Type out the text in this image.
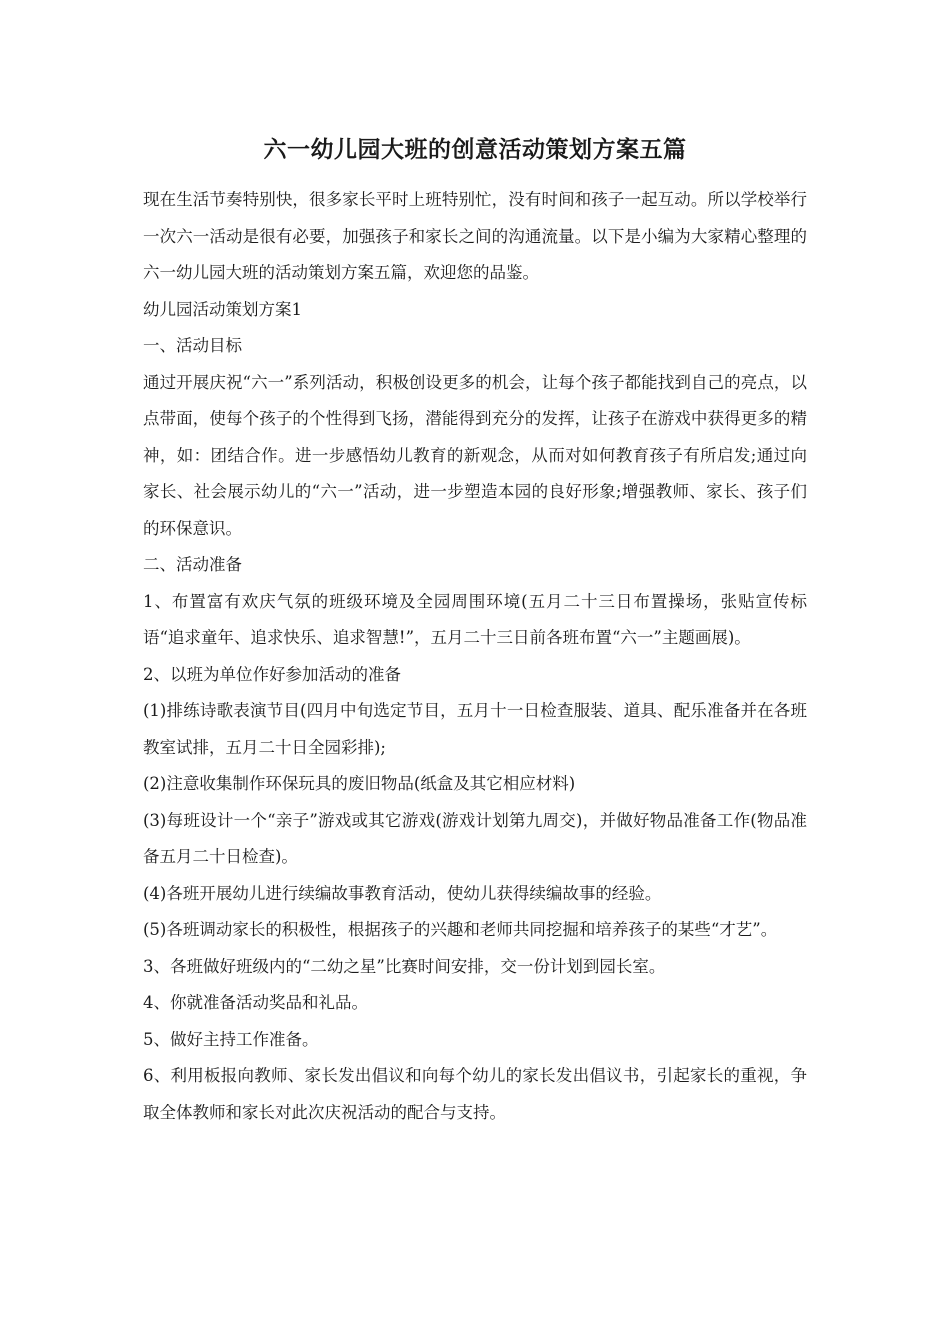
六一幼儿园大班的创意活动策划方案五篇

现在生活节奏特别快，很多家长平时上班特别忙，没有时间和孩子一起互动。所以学校举行一次六一活动是很有必要，加强孩子和家长之间的沟通流量。以下是小编为大家精心整理的六一幼儿园大班的活动策划方案五篇，欢迎您的品鉴。

幼儿园活动策划方案1

一、活动目标

通过开展庆祝“六一”系列活动，积极创设更多的机会，让每个孩子都能找到自己的亮点，以点带面，使每个孩子的个性得到飞扬，潜能得到充分的发挥，让孩子在游戏中获得更多的精神，如：团结合作。进一步感悟幼儿教育的新观念，从而对如何教育孩子有所启发;通过向家长、社会展示幼儿的“六一”活动，进一步塑造本园的良好形象;增强教师、家长、孩子们的环保意识。

二、活动准备

1、布置富有欢庆气氛的班级环境及全园周围环境(五月二十三日布置操场，张贴宣传标语“追求童年、追求快乐、追求智慧!”，五月二十三日前各班布置“六一”主题画展)。

2、以班为单位作好参加活动的准备

(1)排练诗歌表演节目(四月中旬选定节目，五月十一日检查服装、道具、配乐准备并在各班教室试排，五月二十日全园彩排);

(2)注意收集制作环保玩具的废旧物品(纸盒及其它相应材料)

(3)每班设计一个“亲子”游戏或其它游戏(游戏计划第九周交)，并做好物品准备工作(物品准备五月二十日检查)。

(4)各班开展幼儿进行续编故事教育活动，使幼儿获得续编故事的经验。

(5)各班调动家长的积极性，根据孩子的兴趣和老师共同挖掘和培养孩子的某些“才艺”。

3、各班做好班级内的“二幼之星”比赛时间安排，交一份计划到园长室。

4、你就准备活动奖品和礼品。

5、做好主持工作准备。

6、利用板报向教师、家长发出倡议和向每个幼儿的家长发出倡议书，引起家长的重视，争取全体教师和家长对此次庆祝活动的配合与支持。
